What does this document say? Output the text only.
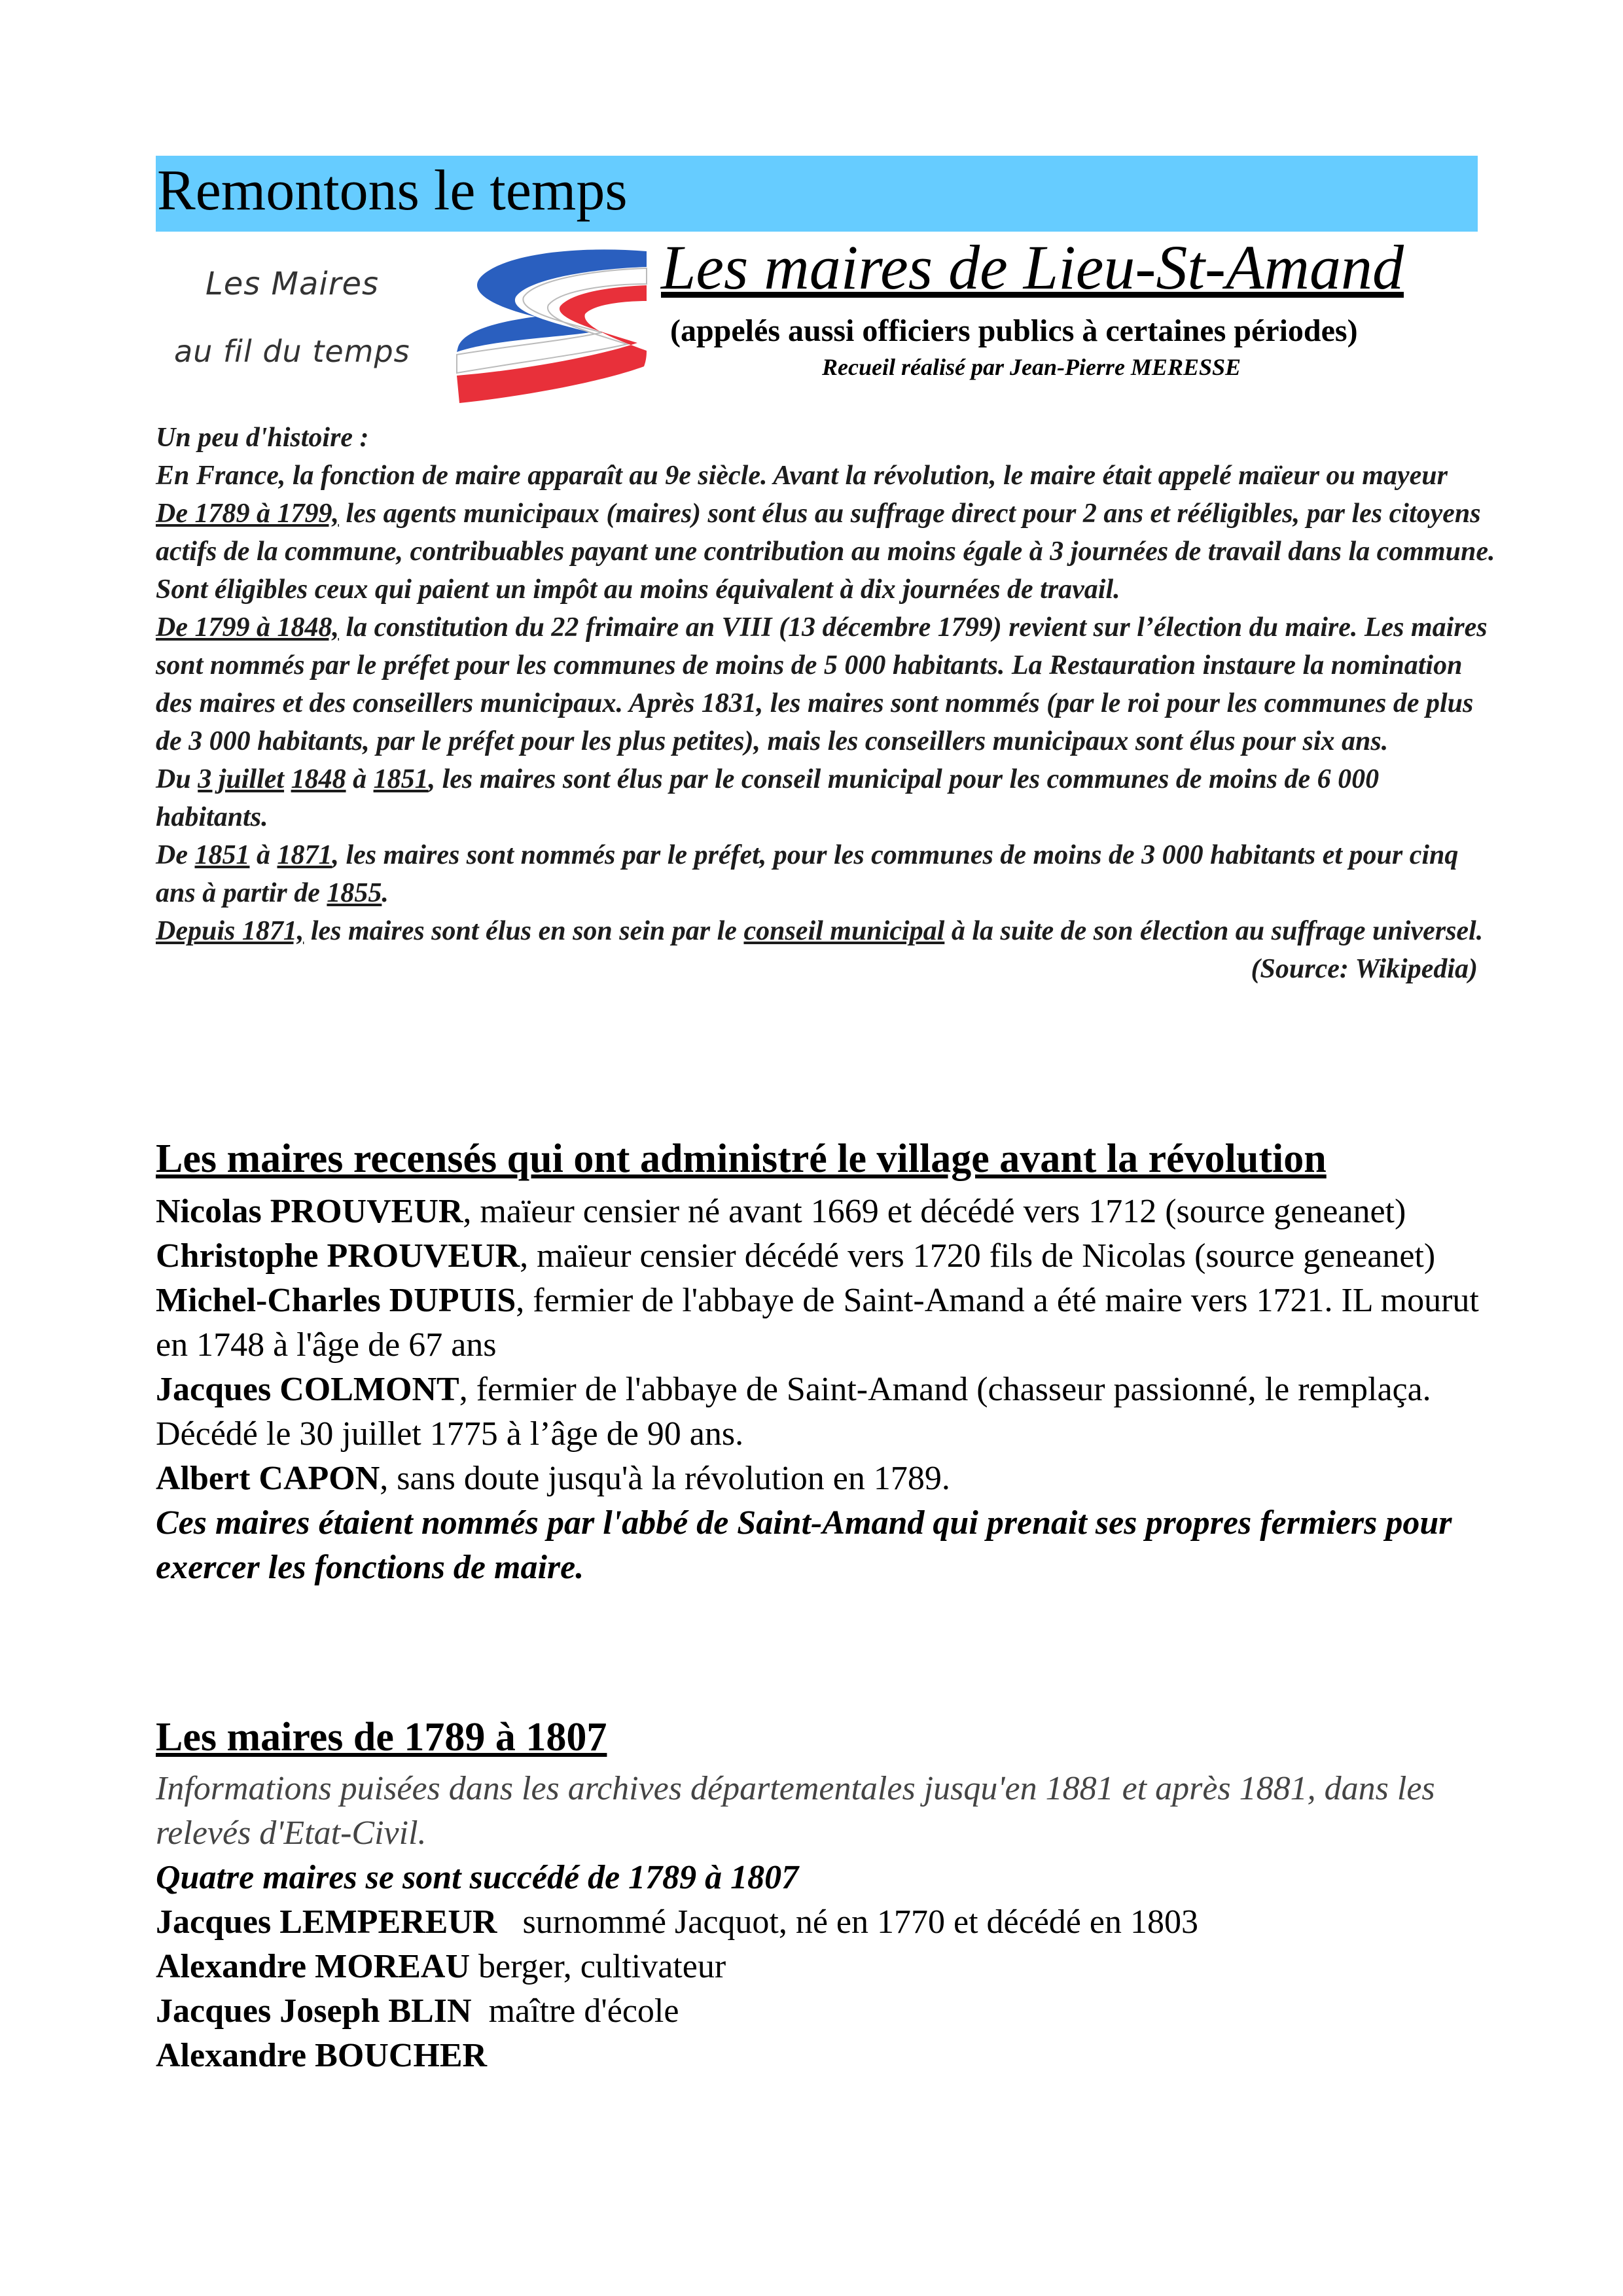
Remontons le temps
Les Maires
au fil du temps
Les maires de Lieu-St-Amand
(appelés aussi officiers publics à certaines périodes)
Recueil réalisé par Jean-Pierre MERESSE

Un peu d'histoire :

En France, la fonction de maire apparaît au 9e siècle. Avant la révolution, le maire était appelé maïeur ou mayeur

De 1789 à 1799, les agents municipaux (maires) sont élus au suffrage direct pour 2 ans et rééligibles, par les citoyens actifs de la commune, contribuables payant une contribution au moins égale à 3 journées de travail dans la commune. Sont éligibles ceux qui paient un impôt au moins équivalent à dix journées de travail.

De 1799 à 1848, la constitution du 22 frimaire an VIII (13 décembre 1799) revient sur l’élection du maire. Les maires sont nommés par le préfet pour les communes de moins de 5 000 habitants. La Restauration instaure la nomination des maires et des conseillers municipaux. Après 1831, les maires sont nommés (par le roi pour les communes de plus de 3 000 habitants, par le préfet pour les plus petites), mais les conseillers municipaux sont élus pour six ans.

Du 3 juillet 1848 à 1851, les maires sont élus par le conseil municipal pour les communes de moins de 6 000 habitants.

De 1851 à 1871, les maires sont nommés par le préfet, pour les communes de moins de 3 000 habitants et pour cinq ans à partir de 1855.

Depuis 1871, les maires sont élus en son sein par le conseil municipal à la suite de son élection au suffrage universel.
(Source: Wikipedia)

Les maires recensés qui ont administré le village avant la révolution

Nicolas PROUVEUR, maïeur censier né avant 1669 et décédé vers 1712 (source geneanet)

Christophe PROUVEUR, maïeur censier décédé vers 1720 fils de Nicolas (source geneanet)

Michel-Charles DUPUIS, fermier de l'abbaye de Saint-Amand a été maire vers 1721. IL mourut en 1748 à l'âge de 67 ans

Jacques COLMONT, fermier de l'abbaye de Saint-Amand (chasseur passionné, le remplaça. Décédé le 30 juillet 1775 à l’âge de 90 ans.

Albert CAPON, sans doute jusqu'à la révolution en 1789.

Ces maires étaient nommés par l'abbé de Saint-Amand qui prenait ses propres fermiers pour exercer les fonctions de maire.

Les maires de 1789 à 1807

Informations puisées dans les archives départementales jusqu'en 1881 et après 1881, dans les relevés d'Etat-Civil.

Quatre maires se sont succédé de 1789 à 1807

Jacques LEMPEREUR   surnommé Jacquot, né en 1770 et décédé en 1803

Alexandre MOREAU berger, cultivateur

Jacques Joseph BLIN  maître d'école

Alexandre BOUCHER
